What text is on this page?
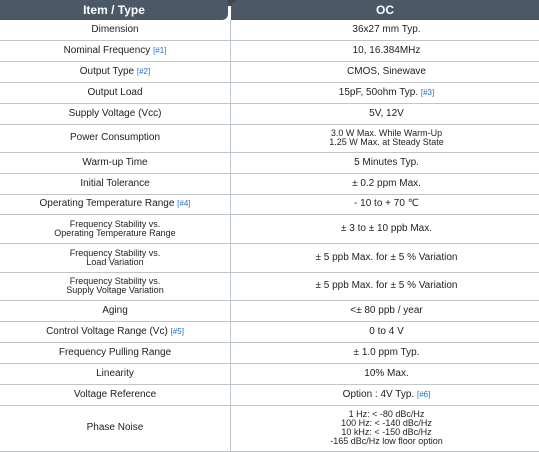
Item / Type	OC
Dimension	36x27 mm Typ.
Nominal Frequency [#1]	10, 16.384MHz
Output Type [#2]	CMOS, Sinewave
Output Load	15pF, 50ohm Typ. [#3]
Supply Voltage (Vcc)	5V, 12V
Power Consumption	3.0 W Max. While Warm-Up
1.25 W Max. at Steady State

Warm-up Time	5 Minutes Typ.
Initial Tolerance	± 0.2 ppm Max.
Operating Temperature Range [#4]	- 10 to + 70 ℃

Frequency Stability vs.
Operating Temperature Range	± 3 to ± 10 ppb Max.

Frequency Stability vs.
Load Variation	± 5 ppb Max. for ± 5 % Variation

Frequency Stability vs.
Supply Voltage Variation	± 5 ppb Max. for ± 5 % Variation
Aging	<± 80 ppb / year
Control Voltage Range (Vc) [#5]	0 to 4 V
Frequency Pulling Range	± 1.0 ppm Typ.
Linearity	10% Max.
Voltage Reference	Option : 4V Typ. [#6]
Phase Noise	1 Hz: < -80 dBc/Hz
100 Hz: < -140 dBc/Hz
10 kHz: < -150 dBc/Hz
-165 dBc/Hz low floor option
